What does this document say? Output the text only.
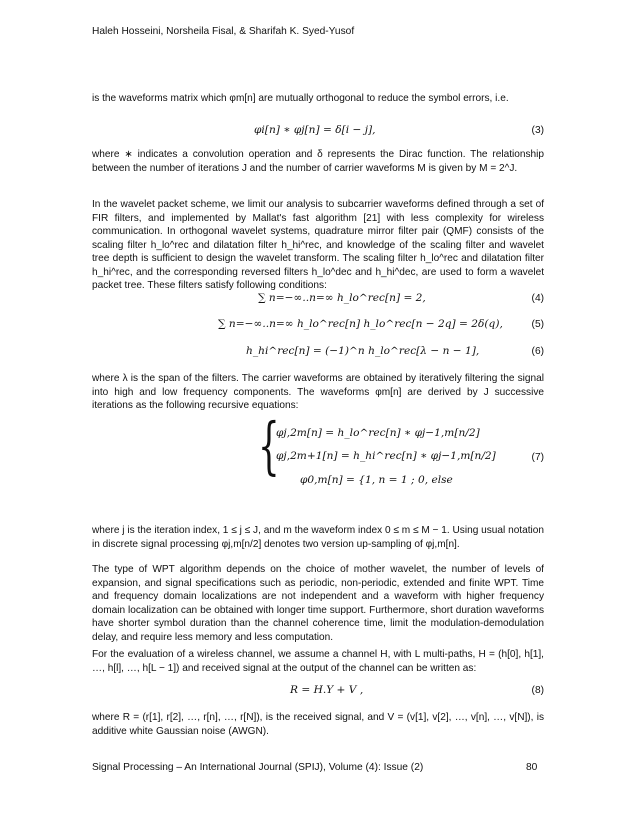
Haleh Hosseini, Norsheila Fisal, & Sharifah K. Syed-Yusof

is the waveforms matrix which φm[n] are mutually orthogonal to reduce the symbol errors, i.e.

φi[n] ∗ φj[n] = δ[i − j],	(3)

where ∗ indicates a convolution operation and δ represents the Dirac function. The relationship between the number of iterations J and the number of carrier waveforms M is given by M = 2^J.

In the wavelet packet scheme, we limit our analysis to subcarrier waveforms defined through a set of FIR filters, and implemented by Mallat's fast algorithm [21] with less complexity for wireless communication. In orthogonal wavelet systems, quadrature mirror filter pair (QMF) consists of the scaling filter h_lo^rec and dilatation filter h_hi^rec, and knowledge of the scaling filter and wavelet tree depth is sufficient to design the wavelet transform. The scaling filter h_lo^rec and dilatation filter h_hi^rec, and the corresponding reversed filters h_lo^dec and h_hi^dec, are used to form a wavelet packet tree. These filters satisfy following conditions:

∑ n=−∞..n=∞ h_lo^rec[n] = 2,	(4)
∑ n=−∞..n=∞ h_lo^rec[n] h_lo^rec[n − 2q] = 2δ(q),	(5)
h_hi^rec[n] = (−1)^n h_lo^rec[λ − n − 1],	(6)

where λ is the span of the filters. The carrier waveforms are obtained by iteratively filtering the signal into high and low frequency components. The waveforms φm[n] are derived by J successive iterations as the following recursive equations:

{
φj,2m[n] = h_lo^rec[n] ∗ φj−1,m[n/2]
φj,2m+1[n] = h_hi^rec[n] ∗ φj−1,m[n/2]
φ0,m[n] = {1, n = 1 ; 0, else
(7)

where j is the iteration index, 1 ≤ j ≤ J, and m the waveform index 0 ≤ m ≤ M − 1. Using usual notation in discrete signal processing φj,m[n/2] denotes two version up-sampling of φj,m[n].

The type of WPT algorithm depends on the choice of mother wavelet, the number of levels of expansion, and signal specifications such as periodic, non-periodic, extended and finite WPT. Time and frequency domain localizations are not independent and a waveform with higher frequency domain localization can be obtained with longer time support. Furthermore, short duration waveforms have shorter symbol duration than the channel coherence time, limit the modulation-demodulation delay, and require less memory and less computation.

For the evaluation of a wireless channel, we assume a channel H, with L multi-paths, H = (h[0], h[1], …, h[l], …, h[L − 1]) and received signal at the output of the channel can be written as:

R = H.Y + V ,	(8)

where R = (r[1], r[2], …, r[n], …, r[N]), is the received signal, and V = (v[1], v[2], …, v[n], …, v[N]), is additive white Gaussian noise (AWGN).

Signal Processing – An International Journal (SPIJ), Volume (4): Issue (2)	80
